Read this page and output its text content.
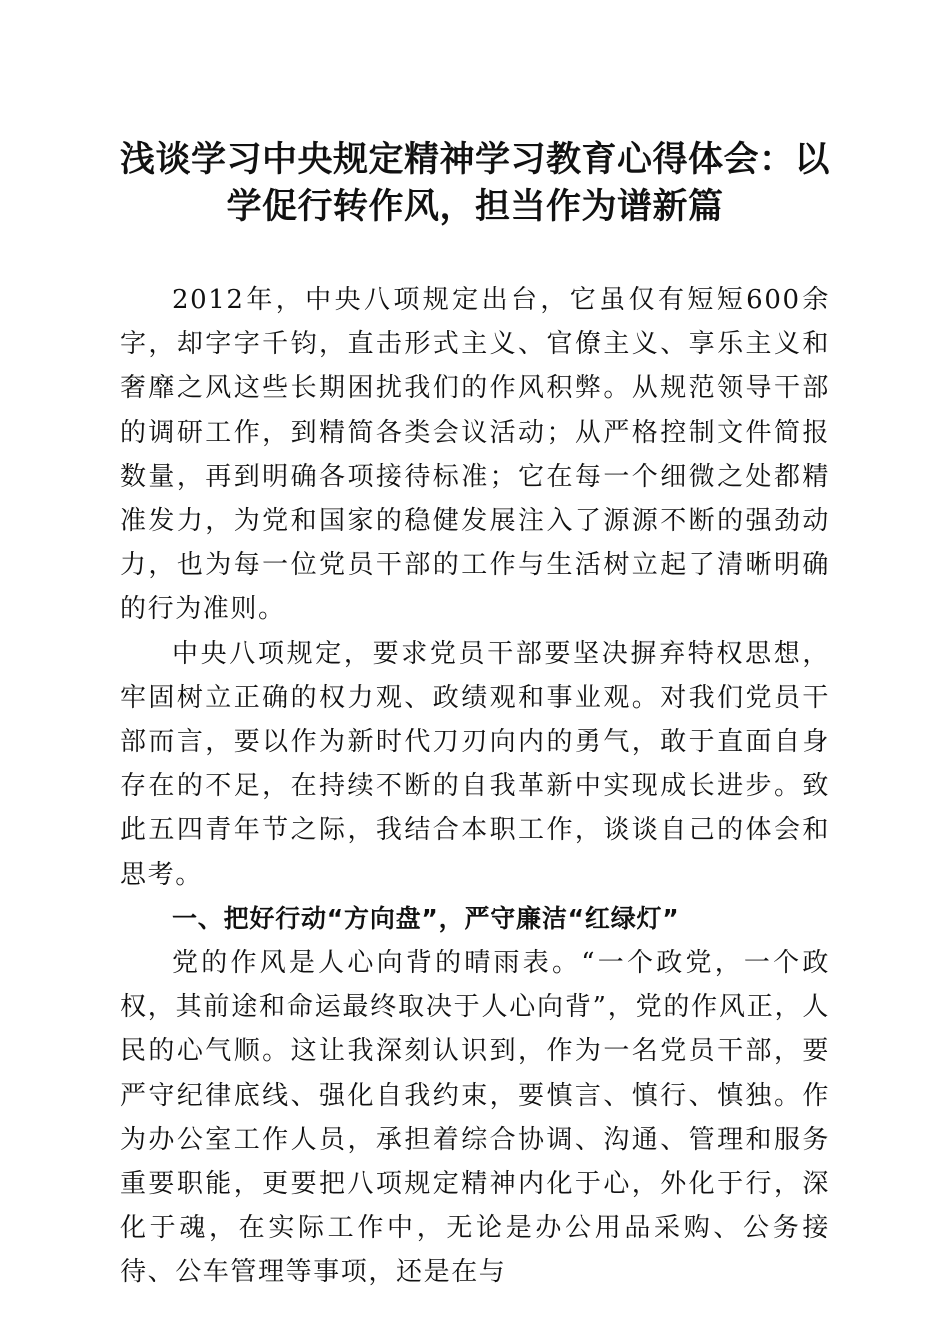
浅谈学习中央规定精神学习教育心得体会：以
学促行转作风，担当作为谱新篇

2012年，中央八项规定出台，它虽仅有短短600余字，却字字千钧，直击形式主义、官僚主义、享乐主义和奢靡之风这些长期困扰我们的作风积弊。从规范领导干部的调研工作，到精简各类会议活动；从严格控制文件简报数量，再到明确各项接待标准；它在每一个细微之处都精准发力，为党和国家的稳健发展注入了源源不断的强劲动力，也为每一位党员干部的工作与生活树立起了清晰明确的行为准则。

中央八项规定，要求党员干部要坚决摒弃特权思想，牢固树立正确的权力观、政绩观和事业观。对我们党员干部而言，要以作为新时代刀刃向内的勇气，敢于直面自身存在的不足，在持续不断的自我革新中实现成长进步。致此五四青年节之际，我结合本职工作，谈谈自己的体会和思考。

一、把好行动“方向盘”，严守廉洁“红绿灯”

党的作风是人心向背的晴雨表。“一个政党，一个政权，其前途和命运最终取决于人心向背”，党的作风正，人民的心气顺。这让我深刻认识到，作为一名党员干部，要严守纪律底线、强化自我约束，要慎言、慎行、慎独。作为办公室工作人员，承担着综合协调、沟通、管理和服务重要职能，更要把八项规定精神内化于心，外化于行，深化于魂，在实际工作中，无论是办公用品采购、公务接待、公车管理等事项，还是在与
